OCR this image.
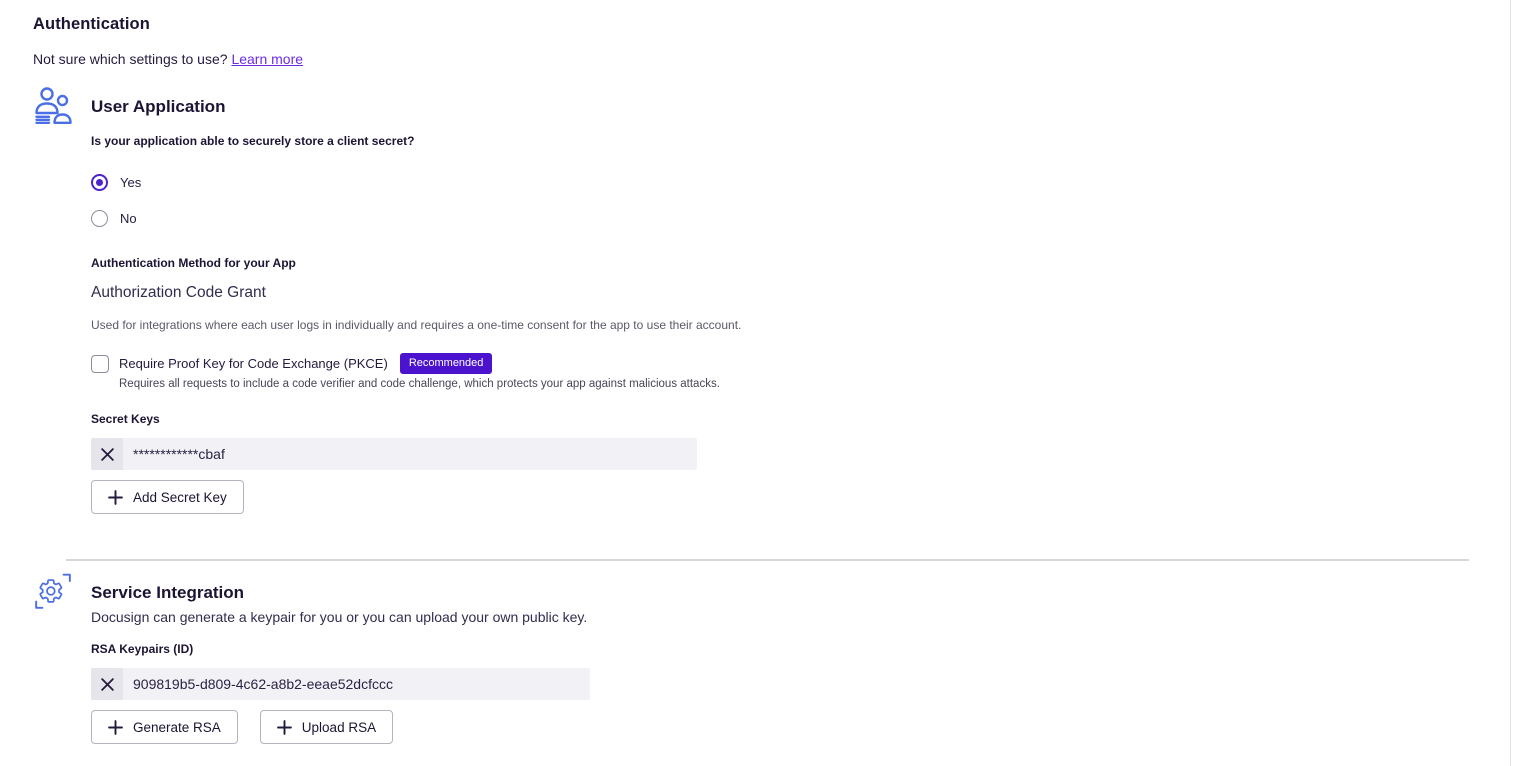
Authentication
Not sure which settings to use? Learn more
User Application
Is your application able to securely store a client secret?
Yes
No
Authentication Method for your App
Authorization Code Grant
Used for integrations where each user logs in individually and requires a one-time consent for the app to use their account.
Require Proof Key for Code Exchange (PKCE)	Recommended
Requires all requests to include a code verifier and code challenge, which protects your app against malicious attacks.
Secret Keys
************cbaf
Add Secret Key
Service Integration
Docusign can generate a keypair for you or you can upload your own public key.
RSA Keypairs (ID)
909819b5-d809-4c62-a8b2-eeae52dcfccc
Generate RSA	Upload RSA
